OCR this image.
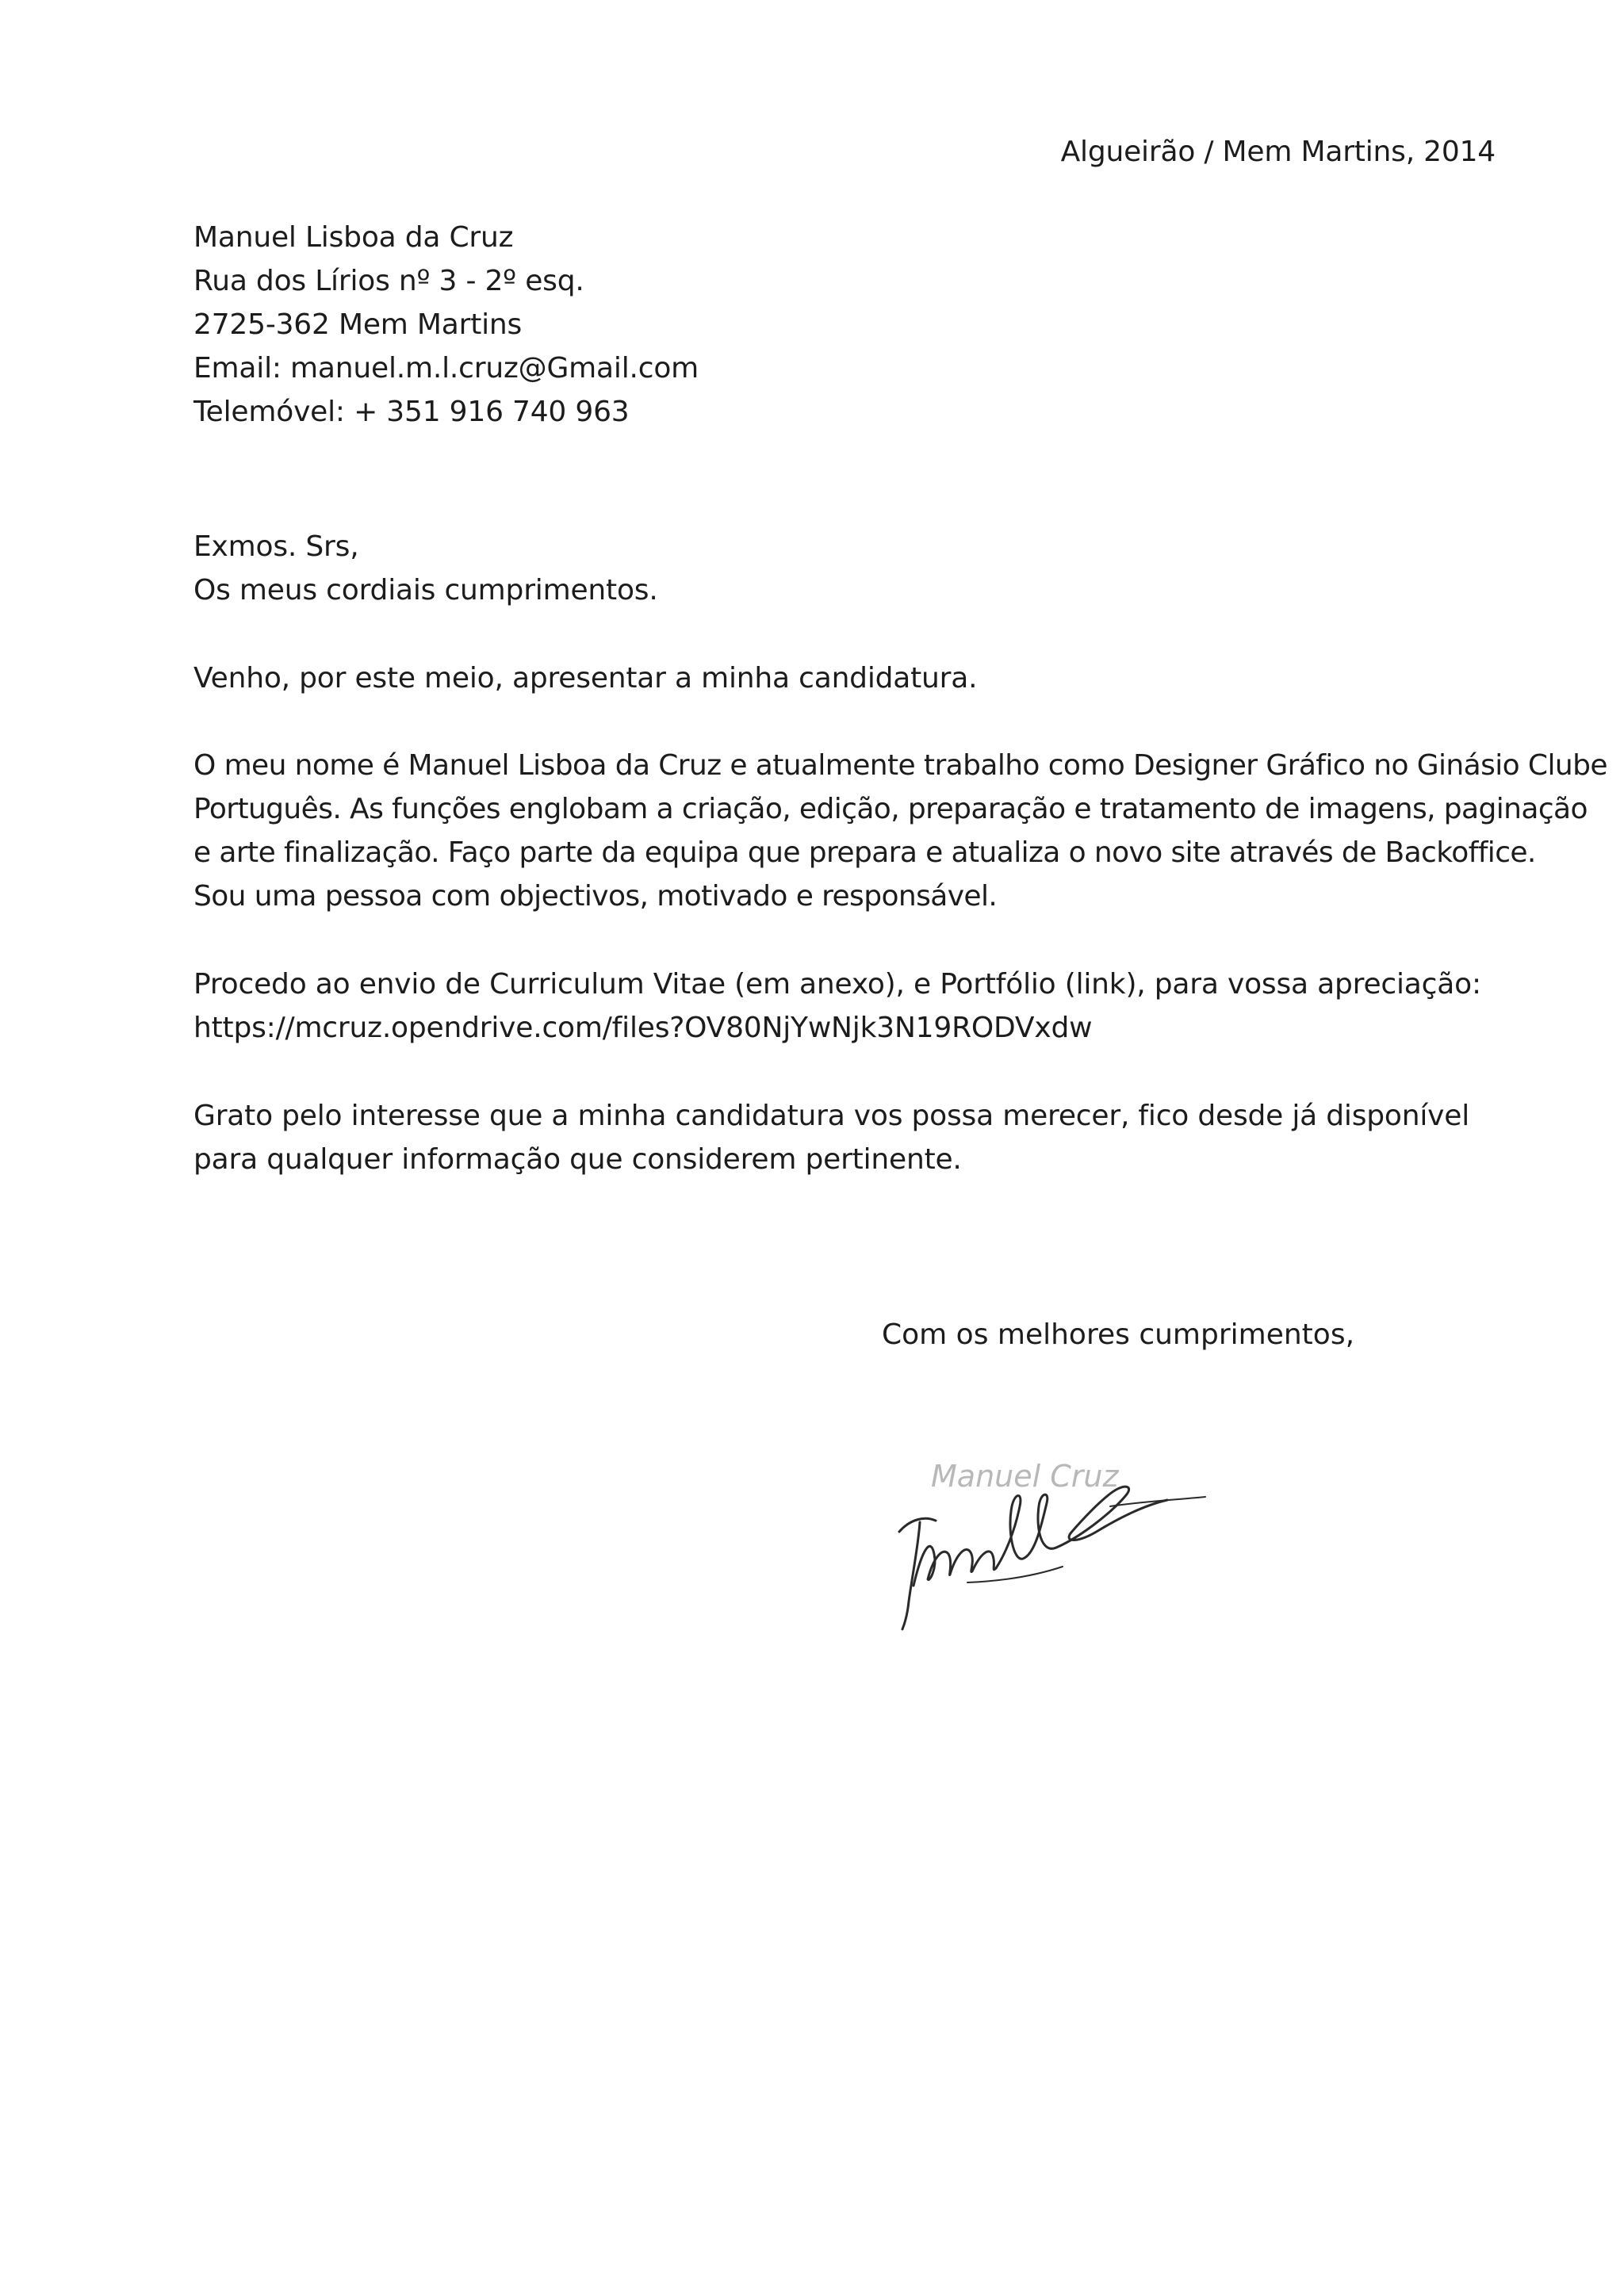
Algueirão / Mem Martins, 2014
Manuel Lisboa da Cruz
Rua dos Lírios nº 3 - 2º esq.
2725-362 Mem Martins
Email: manuel.m.l.cruz@Gmail.com
Telemóvel: + 351 916 740 963
Exmos. Srs,
Os meus cordiais cumprimentos.
Venho, por este meio, apresentar a minha candidatura.
O meu nome é Manuel Lisboa da Cruz e atualmente trabalho como Designer Gráfico no Ginásio Clube
Português. As funções englobam a criação, edição, preparação e tratamento de imagens, paginação
e arte finalização. Faço parte da equipa que prepara e atualiza o novo site através de Backoffice.
Sou uma pessoa com objectivos, motivado e responsável.
Procedo ao envio de Curriculum Vitae (em anexo), e Portfólio (link), para vossa apreciação:
https://mcruz.opendrive.com/files?OV80NjYwNjk3N19RODVxdw
Grato pelo interesse que a minha candidatura vos possa merecer, fico desde já disponível
para qualquer informação que considerem pertinente.
Com os melhores cumprimentos,
Manuel Cruz
